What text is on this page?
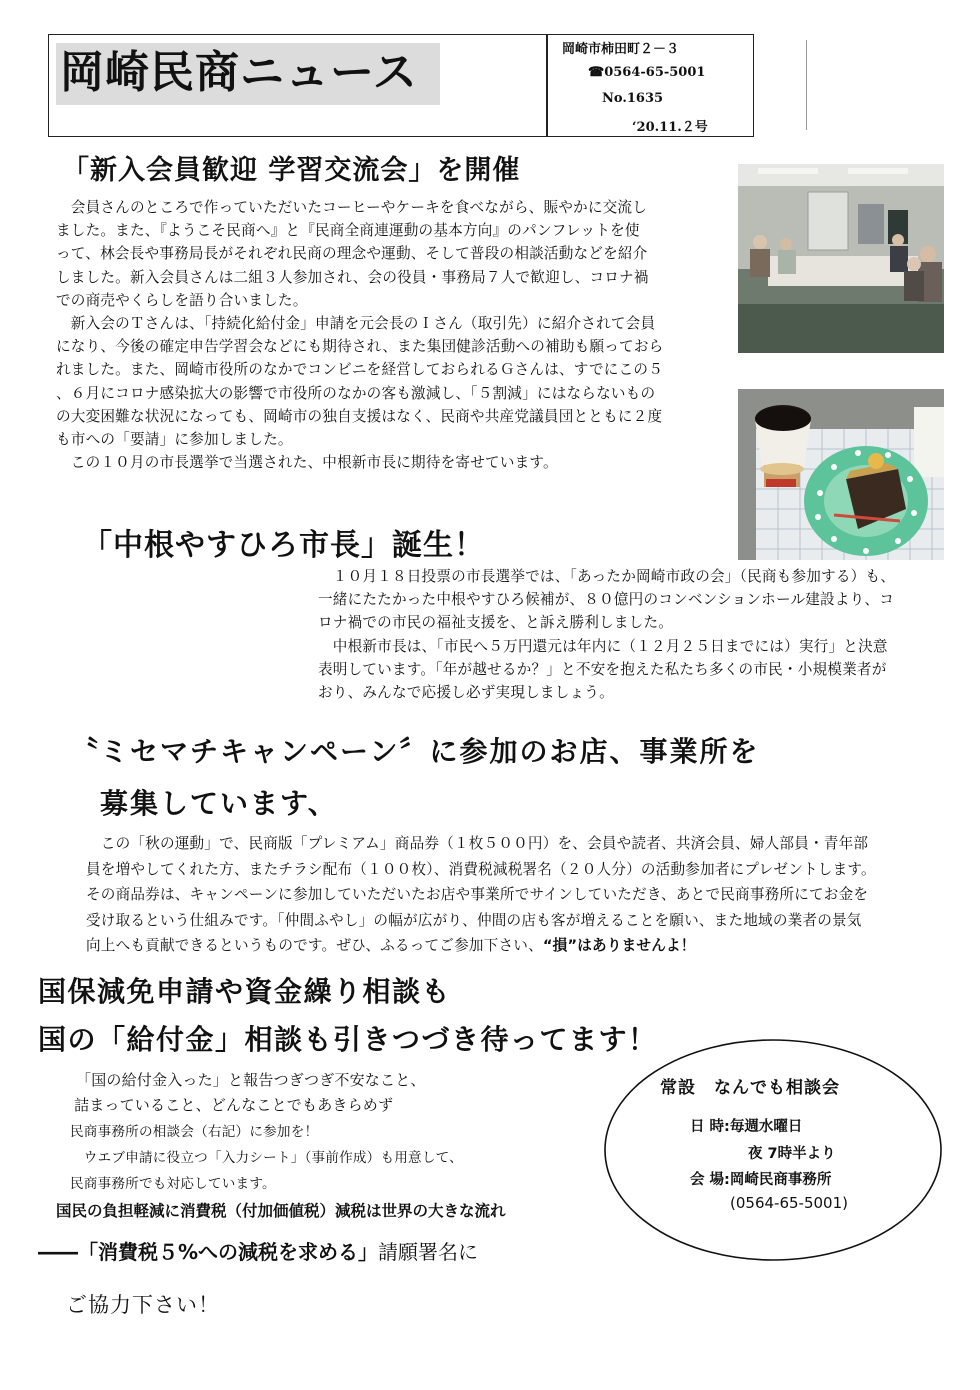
岡崎民商ニュース	岡崎市柿田町２－３
☎0564-65-5001
No.1635
‘20.11.２号
「新入会員歓迎 学習交流会」を開催

　会員さんのところで作っていただいたコーヒーやケーキを食べながら、賑やかに交流し

ました。また、『ようこそ民商へ』と『民商全商連運動の基本方向』のパンフレットを使

って、林会長や事務局長がそれぞれ民商の理念や運動、そして普段の相談活動などを紹介

しました。新入会員さんは二組３人参加され、会の役員・事務局７人で歓迎し、コロナ禍

での商売やくらしを語り合いました。

　新入会のＴさんは、「持続化給付金」申請を元会長のＩさん（取引先）に紹介されて会員

になり、今後の確定申告学習会などにも期待され、また集団健診活動への補助も願っておら

れました。また、岡崎市役所のなかでコンビニを経営しておられるＧさんは、すでにこの５

、６月にコロナ感染拡大の影響で市役所のなかの客も激減し、「５割減」にはならないもの

の大変困難な状況になっても、岡崎市の独自支援はなく、民商や共産党議員団とともに２度

も市への「要請」に参加しました。

　この１０月の市長選挙で当選された、中根新市長に期待を寄せています。

「中根やすひろ市長」誕生！

　１０月１８日投票の市長選挙では、「あったか岡崎市政の会」（民商も参加する）も、

一緒にたたかった中根やすひろ候補が、８０億円のコンベンションホール建設より、コ

ロナ禍での市民の福祉支援を、と訴え勝利しました。

　中根新市長は、「市民へ５万円還元は年内に（１２月２５日までには）実行」と決意

表明しています。「年が越せるか？」と不安を抱えた私たち多くの市民・小規模業者が

おり、みんなで応援し必ず実現しましょう。

〝ミセマチキャンペーン〞に参加のお店、事業所を
募集しています、

　この「秋の運動」で、民商版「プレミアム」商品券（１枚５００円）を、会員や読者、共済会員、婦人部員・青年部

員を増やしてくれた方、またチラシ配布（１００枚）、消費税減税署名（２０人分）の活動参加者にプレゼントします。

その商品券は、キャンペーンに参加していただいたお店や事業所でサインしていただき、あとで民商事務所にてお金を

受け取るという仕組みです。「仲間ふやし」の幅が広がり、仲間の店も客が増えることを願い、また地域の業者の景気

向上へも貢献できるというものです。ぜひ、ふるってご参加下さい、“損”はありませんよ！

国保減免申請や資金繰り相談も
国の「給付金」相談も引きつづき待ってます！
「国の給付金入った」と報告つぎつぎ不安なこと、
詰まっていること、どんなことでもあきらめず
民商事務所の相談会（右記）に参加を！
　ウエブ申請に役立つ「入力シート」（事前作成）も用意して、
民商事務所でも対応しています。
常設　なんでも相談会
日 時:毎週水曜日
夜 7時半より
会 場:岡崎民商事務所
(0564-65-5001)
国民の負担軽減に消費税（付加価値税）減税は世界の大きな流れ
――「消費税５%への減税を求める」請願署名に
ご協力下さい！
